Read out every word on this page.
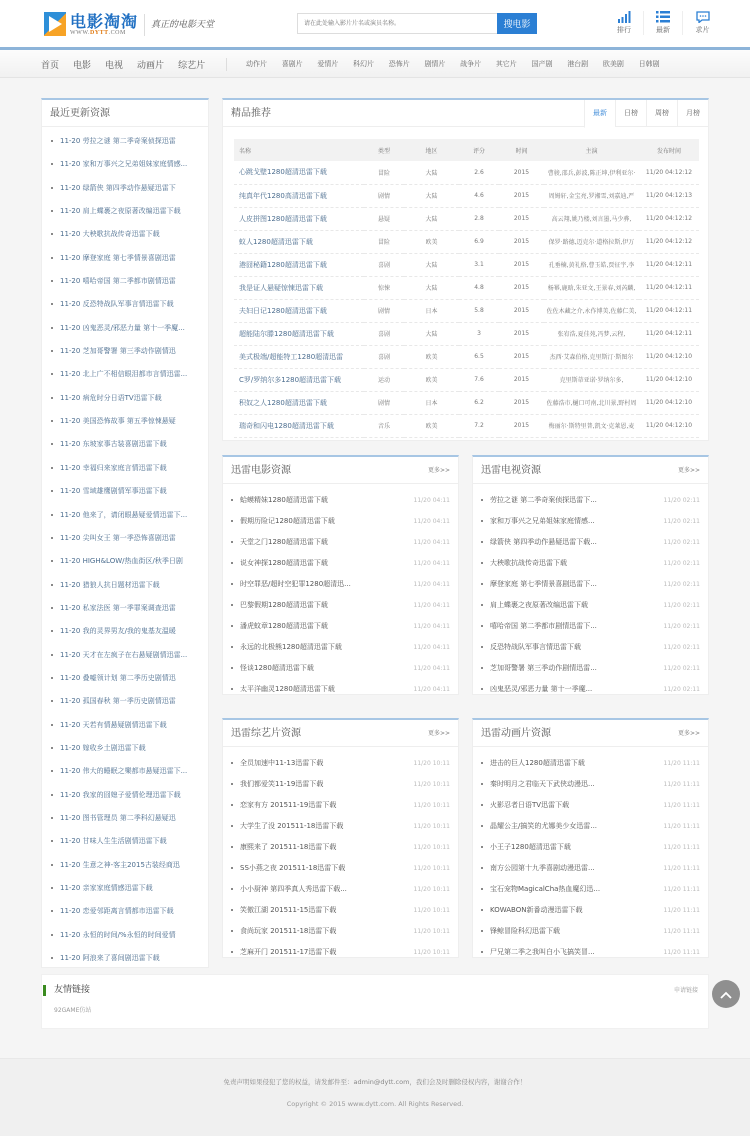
电影淘淘
WWW.DYTT.COM
真正的电影天堂
请在此处输入影片片名或演员名称。	搜电影	排行	最新	求片
首页 电影 电视 动画片 综艺片	动作片	喜剧片	爱情片	科幻片	恐怖片	剧情片	战争片	其它片	国产剧	港台剧	欧美剧	日韩剧
最近更新资源
11-20 劳拉之谜 第二季奇案侦探迅雷
11-20 家和万事兴之兄弟姐妹家庭情感...
11-20 绿箭侠 第四季动作悬疑迅雷下
11-20 肩上蝶裹之夜原著改编迅雷下载
11-20 大秧歌抗战传奇迅雷下载
11-20 摩登家庭 第七季情景喜剧迅雷
11-20 嘻哈帝国 第二季都市剧情迅雷
11-20 反恐特战队军事言情迅雷下载
11-20 凶鬼恶灵/邪恶力量 第十一季魔...
11-20 芝加哥警署 第三季动作剧情迅
11-20 北上广不相信眼泪都市言情迅雷...
11-20 病危时分日语TV迅雷下载
11-20 美国恐怖故事 第五季惊悚悬疑
11-20 东坡家事古装喜剧迅雷下载
11-20 幸福归来家庭言情迅雷下载
11-20 雪域雄鹰剧情军事迅雷下载
11-20 他来了，请闭眼悬疑爱情迅雷下...
11-20 尖叫女王 第一季恐怖喜剧迅雷
11-20 HIGH&LOW/热血街区/秋季日剧
11-20 猎狼人抗日题材迅雷下载
11-20 私家法医 第一季罪案调查迅雷
11-20 我的灵界男友/我的鬼基友温暖
11-20 天才在左疯子在右悬疑剧情迅雷...
11-20 叠嘘领计划 第二季历史剧情迅
11-20 孤国春秋 第一季历史剧情迅雷
11-20 天若有情悬疑剧情迅雷下载
11-20 嫁收乡土剧迅雷下载
11-20 伟大的睡眠之樂都市悬疑迅雷下...
11-20 我家的囧媳子爱情伦理迅雷下载
11-20 图书管理员 第二季科幻悬疑迅
11-20 甘味人生生活剧情迅雷下载
11-20 生意之神-客主2015古装经商迅
11-20 亲家家庭情感迅雷下载
11-20 恋爱邻距离言情都市迅雷下载
11-20 永恒的时间/%永恒的时间爱情
11-20 阿浪来了喜间剧迅雷下载
精品推荐	最新	日榜	周榜	月榜
名称	类型	地区	评分	时间	主演	发布时间
心跳戈壁1280超清迅雷下载	冒险	大陆	2.6	2015	曹骏,邵兵,彭波,陈正坤,伊利亚尔·	11/20 04:12:12
纯真年代1280高清迅雷下载	剧情	大陆	4.6	2015	周姆轩,金宝亮,罗湘雪,刘嘉迪,严	11/20 04:12:13
人皮拼图1280超清迅雷下载	悬疑	大陆	2.8	2015	高云翔,姚乃楼,刘言墨,马少骅,	11/20 04:12:12
蚁人1280超清迅雷下载	冒险	欧美	6.9	2015	保罗·路德,迈克尔·道格拉斯,伊万	11/20 04:12:12
港囧秘籍1280超清迅雷下载	喜剧	大陆	3.1	2015	孔垂楠,黄礼格,曹玉皓,贾征宇,李	11/20 04:12:11
我是证人悬疑惊悚迅雷下载	惊悚	大陆	4.8	2015	杨幂,鹿晗,朱亚文,王景春,刘芮麟,	11/20 04:12:11
夫妇日记1280超清迅雷下载	剧情	日本	5.8	2015	佐佐木藏之介,永作博美,佐藤仁美,	11/20 04:12:11
超能陆尔滕1280超清迅雷下载	喜剧	大陆	3	2015	张宥浩,夏佳苑,冯梦,云程,	11/20 04:12:11
美式极端/超能特工1280超清迅雷	喜剧	欧美	6.5	2015	杰西·艾森伯格,克里斯汀·斯图尔	11/20 04:12:10
C罗/罗纳尔多1280超清迅雷下载	运动	欧美	7.6	2015	克里斯蒂亚诺·罗纳尔多,	11/20 04:12:10
积奴之人1280超清迅雷下载	剧情	日本	6.2	2015	佐藤浩市,樋口可南,北川景,野村周	11/20 04:12:10
瑞奇和闪电1280超清迅雷下载	音乐	欧美	7.2	2015	梅丽尔·斯特里普,凯文·克莱恩,麦	11/20 04:12:10
迅雷电影资源	更多>>
蛤蟆精妹1280超清迅雷下载	11/20 04:11
假期历险记1280超清迅雷下载	11/20 04:11
天堂之门1280超清迅雷下载	11/20 04:11
说女神探1280超清迅雷下载	11/20 04:11
时空罪恶/超时空犯罪1280超清迅...	11/20 04:11
巴黎假期1280超清迅雷下载	11/20 04:11
潘虎蚊章1280超清迅雷下载	11/20 04:11
永远的北极熊1280超清迅雷下载	11/20 04:11
怪谈1280超清迅雷下载	11/20 04:11
太平洋幽灵1280超清迅雷下载	11/20 04:11
迅雷电视资源	更多>>
劳拉之谜 第二季奇案侦探迅雷下...	11/20 02:11
家和万事兴之兄弟姐妹家庭情感...	11/20 02:11
绿箭侠 第四季动作悬疑迅雷下载...	11/20 02:11
大秧歌抗战传奇迅雷下载	11/20 02:11
摩登家庭 第七季情景喜剧迅雷下...	11/20 02:11
肩上蝶裹之夜原著改编迅雷下载	11/20 02:11
嘻哈帝国 第二季都市剧情迅雷下...	11/20 02:11
反恐特战队军事言情迅雷下载	11/20 02:11
芝加哥警署 第三季动作剧情迅雷...	11/20 02:11
凶鬼恶灵/邪恶力量 第十一季魔...	11/20 02:11
迅雷综艺片资源	更多>>
全员加速中11-13迅雷下载	11/20 10:11
我们都爱笑11-19迅雷下载	11/20 10:11
恋家有方 201511-19迅雷下载	11/20 10:11
大学生了没 201511-18迅雷下载	11/20 10:11
康熙来了 201511-18迅雷下载	11/20 10:11
SS小燕之夜 201511-18迅雷下载	11/20 10:11
小小厨神 第四季真人秀迅雷下载...	11/20 10:11
笑傲江湖 201511-15迅雷下载	11/20 10:11
食尚玩家 201511-18迅雷下载	11/20 10:11
芝麻开门 201511-17迅雷下载	11/20 10:11
迅雷动画片资源	更多>>
进击的巨人1280超清迅雷下载	11/20 11:11
秦时明月之君临天下武侠动漫迅...	11/20 11:11
火影忍者日语TV迅雷下载	11/20 11:11
晶耀公主/搞笑的尤娜美少女迅雷...	11/20 11:11
小王子1280超清迅雷下载	11/20 11:11
南方公园第十九季喜剧动漫迅雷...	11/20 11:11
宝石宠物MagicalCha热血魔幻迅...	11/20 11:11
KOWABON新番动漫迅雷下载	11/20 11:11
锋鲸冒险科幻迅雷下载	11/20 11:11
尸兄第二季之我叫白小飞搞笑冒...	11/20 11:11
友情链接	申请链接
92GAME仿站
免责声明如果侵犯了您的权益，请发邮件至：admin@dytt.com，我们会及时删除侵权内容，谢谢合作！
Copyright © 2015 www.dytt.com. All Rights Reserved.
